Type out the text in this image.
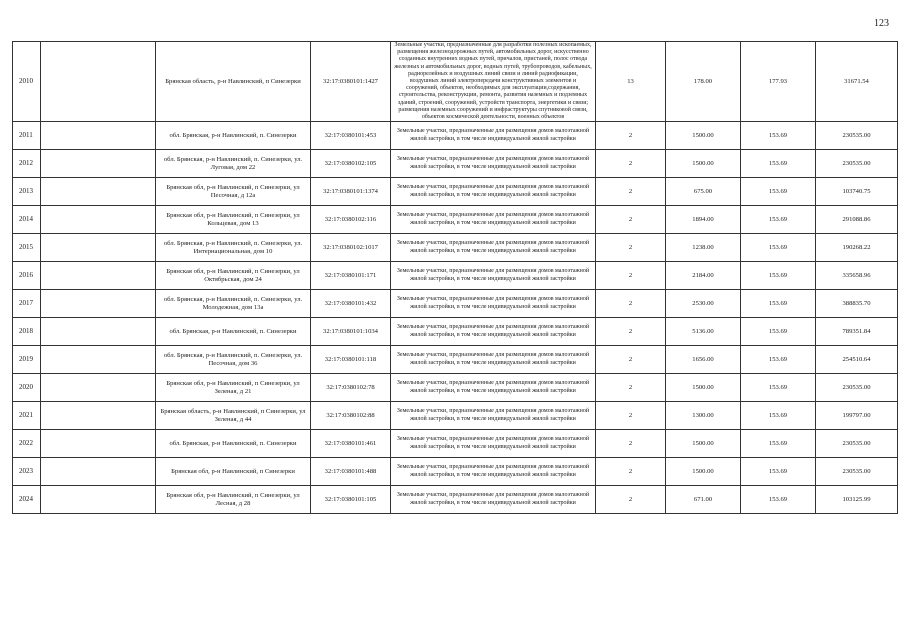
123
2010		Брянская область, р-н Навлинский, п Синезерки	32:17:0380101:1427	Земельные участки, предназначенные для разработки полезных ископаемых, размещения железнодорожных путей, автомобильных дорог, искусственно созданных внутренних водных путей, причалов, пристаней, полос отвода железных и автомобильных дорог, водных путей, трубопроводов, кабельных, радиорелейных и воздушных линий связи и линий радиофикации, воздушных линий электропередачи конструктивных элементов и сооружений, объектов, необходимых для эксплуатации,содержания, строительства, реконструкции, ремонта, развития наземных и подземных зданий, строений, сооружений, устройств транспорта, энергетики и связи; размещения наземных сооружений и инфраструктуры спутниковой связи, объектов космической деятельности, военных объектов	13	178.00	177.93	31671.54
2011		обл. Брянская, р-н Навлинский, п. Синезерки	32:17:0380101:453	Земельные участки, предназначенные для размещения домов малоэтажной жилой застройки, в том числе индивидуальной жилой застройки	2	1500.00	153.69	230535.00
2012		обл. Брянская, р-н Навлинский, п. Синезерки, ул. Луговая, дом 22	32:17:0380102:105	Земельные участки, предназначенные для размещения домов малоэтажной жилой застройки, в том числе индивидуальной жилой застройки	2	1500.00	153.69	230535.00
2013		Брянская обл, р-н Навлинский, п Синезерки, ул Песочная, д 12а	32:17:0380101:1374	Земельные участки, предназначенные для размещения домов малоэтажной жилой застройки, в том числе индивидуальной жилой застройки	2	675.00	153.69	103740.75
2014		Брянская обл, р-н Навлинский, п Синезерки, ул Кольцевая, дом 13	32:17:0380102:116	Земельные участки, предназначенные для размещения домов малоэтажной жилой застройки, в том числе индивидуальной жилой застройки	2	1894.00	153.69	291088.86
2015		обл. Брянская, р-н Навлинский, п. Синезерки, ул. Интернациональная, дом 10	32:17:0380102:1017	Земельные участки, предназначенные для размещения домов малоэтажной жилой застройки, в том числе индивидуальной жилой застройки	2	1238.00	153.69	190268.22
2016		Брянская обл, р-н Навлинский, п Синезерки, ул Октябрьская, дом 24	32:17:0380101:171	Земельные участки, предназначенные для размещения домов малоэтажной жилой застройки, в том числе индивидуальной жилой застройки	2	2184.00	153.69	335658.96
2017		обл. Брянская, р-н Навлинский, п. Синезерки, ул. Молодежная, дом 13а	32:17:0380101:432	Земельные участки, предназначенные для размещения домов малоэтажной жилой застройки, в том числе индивидуальной жилой застройки	2	2530.00	153.69	388835.70
2018		обл. Брянская, р-н Навлинский, п. Синезерки	32:17:0380101:1034	Земельные участки, предназначенные для размещения домов малоэтажной жилой застройки, в том числе индивидуальной жилой застройки	2	5136.00	153.69	789351.84
2019		обл. Брянская, р-н Навлинский, п. Синезерки, ул. Песочная, дом 36	32:17:0380101:118	Земельные участки, предназначенные для размещения домов малоэтажной жилой застройки, в том числе индивидуальной жилой застройки	2	1656.00	153.69	254510.64
2020		Брянская обл, р-н Навлинский, п Синезерки, ул Зеленая, д 21	32:17:0380102:78	Земельные участки, предназначенные для размещения домов малоэтажной жилой застройки, в том числе индивидуальной жилой застройки	2	1500.00	153.69	230535.00
2021		Брянская область, р-н Навлинский, п Синезерки, ул Зеленая, д 44	32:17:0380102:88	Земельные участки, предназначенные для размещения домов малоэтажной жилой застройки, в том числе индивидуальной жилой застройки	2	1300.00	153.69	199797.00
2022		обл. Брянская, р-н Навлинский, п. Синезерки	32:17:0380101:461	Земельные участки, предназначенные для размещения домов малоэтажной жилой застройки, в том числе индивидуальной жилой застройки	2	1500.00	153.69	230535.00
2023		Брянская обл, р-н Навлинский, п Синезерки	32:17:0380101:488	Земельные участки, предназначенные для размещения домов малоэтажной жилой застройки, в том числе индивидуальной жилой застройки	2	1500.00	153.69	230535.00
2024		Брянская обл, р-н Навлинский, п Синезерки, ул Лесная, д 28	32:17:0380101:105	Земельные участки, предназначенные для размещения домов малоэтажной жилой застройки, в том числе индивидуальной жилой застройки	2	671.00	153.69	103125.99
